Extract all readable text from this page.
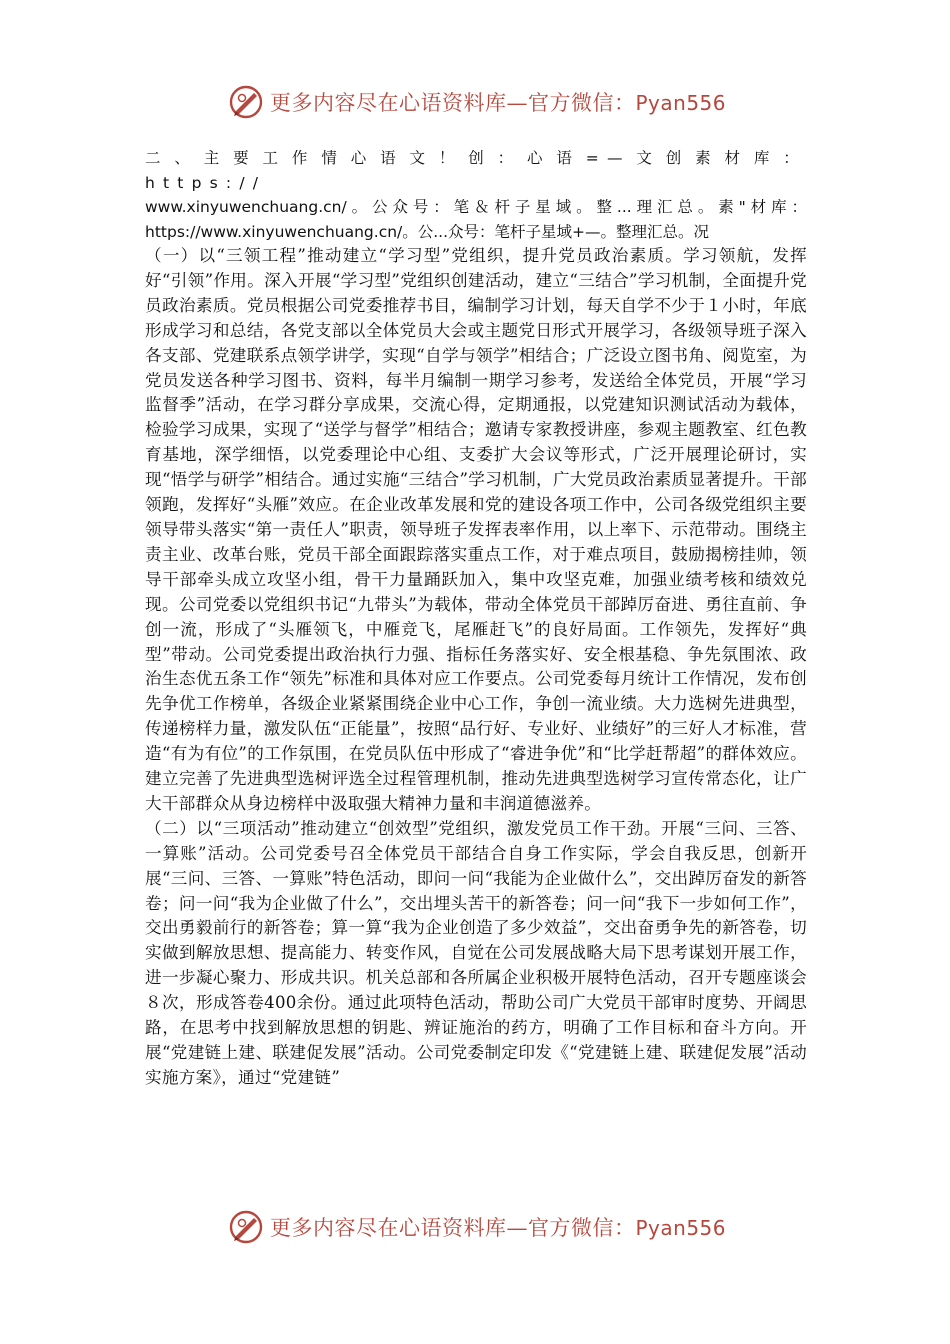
更多内容尽在心语资料库—官方微信：Pyan556

二、主要工作情心语文！创：心语=—文创素材库： https://

www.xinyuwenchuang.cn/。公众号：笔＆杆子星域。整...理汇总。素"材库：

https://www.xinyuwenchuang.cn/。公...众号：笔杆子星域+—。整理汇总。况

（一）以“三领工程”推动建立“学习型”党组织，提升党员政治素质。学习领航，发挥好“引领”作用。深入开展“学习型”党组织创建活动，建立“三结合”学习机制，全面提升党员政治素质。党员根据公司党委推荐书目，编制学习计划，每天自学不少于１小时，年底形成学习和总结，各党支部以全体党员大会或主题党日形式开展学习，各级领导班子深入各支部、党建联系点领学讲学，实现“自学与领学”相结合；广泛设立图书角、阅览室，为党员发送各种学习图书、资料，每半月编制一期学习参考，发送给全体党员，开展“学习监督季”活动，在学习群分享成果，交流心得，定期通报，以党建知识测试活动为载体，检验学习成果，实现了“送学与督学”相结合；邀请专家教授讲座，参观主题教室、红色教育基地，深学细悟，以党委理论中心组、支委扩大会议等形式，广泛开展理论研讨，实现“悟学与研学”相结合。通过实施“三结合”学习机制，广大党员政治素质显著提升。干部领跑，发挥好“头雁”效应。在企业改革发展和党的建设各项工作中，公司各级党组织主要领导带头落实“第一责任人”职责，领导班子发挥表率作用，以上率下、示范带动。围绕主责主业、改革台账，党员干部全面跟踪落实重点工作，对于难点项目，鼓励揭榜挂帅，领导干部牵头成立攻坚小组，骨干力量踊跃加入，集中攻坚克难，加强业绩考核和绩效兑现。公司党委以党组织书记“九带头”为载体，带动全体党员干部踔厉奋进、勇往直前、争创一流，形成了“头雁领飞，中雁竞飞，尾雁赶飞”的良好局面。工作领先，发挥好“典型”带动。公司党委提出政治执行力强、指标任务落实好、安全根基稳、争先氛围浓、政治生态优五条工作“领先”标准和具体对应工作要点。公司党委每月统计工作情况，发布创先争优工作榜单，各级企业紧紧围绕企业中心工作，争创一流业绩。大力选树先进典型，传递榜样力量，激发队伍“正能量”，按照“品行好、专业好、业绩好”的三好人才标准，营造“有为有位”的工作氛围，在党员队伍中形成了“睿进争优”和“比学赶帮超”的群体效应。建立完善了先进典型选树评选全过程管理机制，推动先进典型选树学习宣传常态化，让广大干部群众从身边榜样中汲取强大精神力量和丰润道德滋养。

（二）以“三项活动”推动建立“创效型”党组织，激发党员工作干劲。开展“三问、三答、一算账”活动。公司党委号召全体党员干部结合自身工作实际，学会自我反思，创新开展“三问、三答、一算账”特色活动，即问一问“我能为企业做什么”，交出踔厉奋发的新答卷；问一问“我为企业做了什么”，交出埋头苦干的新答卷；问一问“我下一步如何工作”，交出勇毅前行的新答卷；算一算“我为企业创造了多少效益”，交出奋勇争先的新答卷，切实做到解放思想、提高能力、转变作风，自觉在公司发展战略大局下思考谋划开展工作，进一步凝心聚力、形成共识。机关总部和各所属企业积极开展特色活动，召开专题座谈会８次，形成答卷400余份。通过此项特色活动，帮助公司广大党员干部审时度势、开阔思路，在思考中找到解放思想的钥匙、辨证施治的药方，明确了工作目标和奋斗方向。开展“党建链上建、联建促发展”活动。公司党委制定印发《“党建链上建、联建促发展”活动实施方案》，通过“党建链”

更多内容尽在心语资料库—官方微信：Pyan556
